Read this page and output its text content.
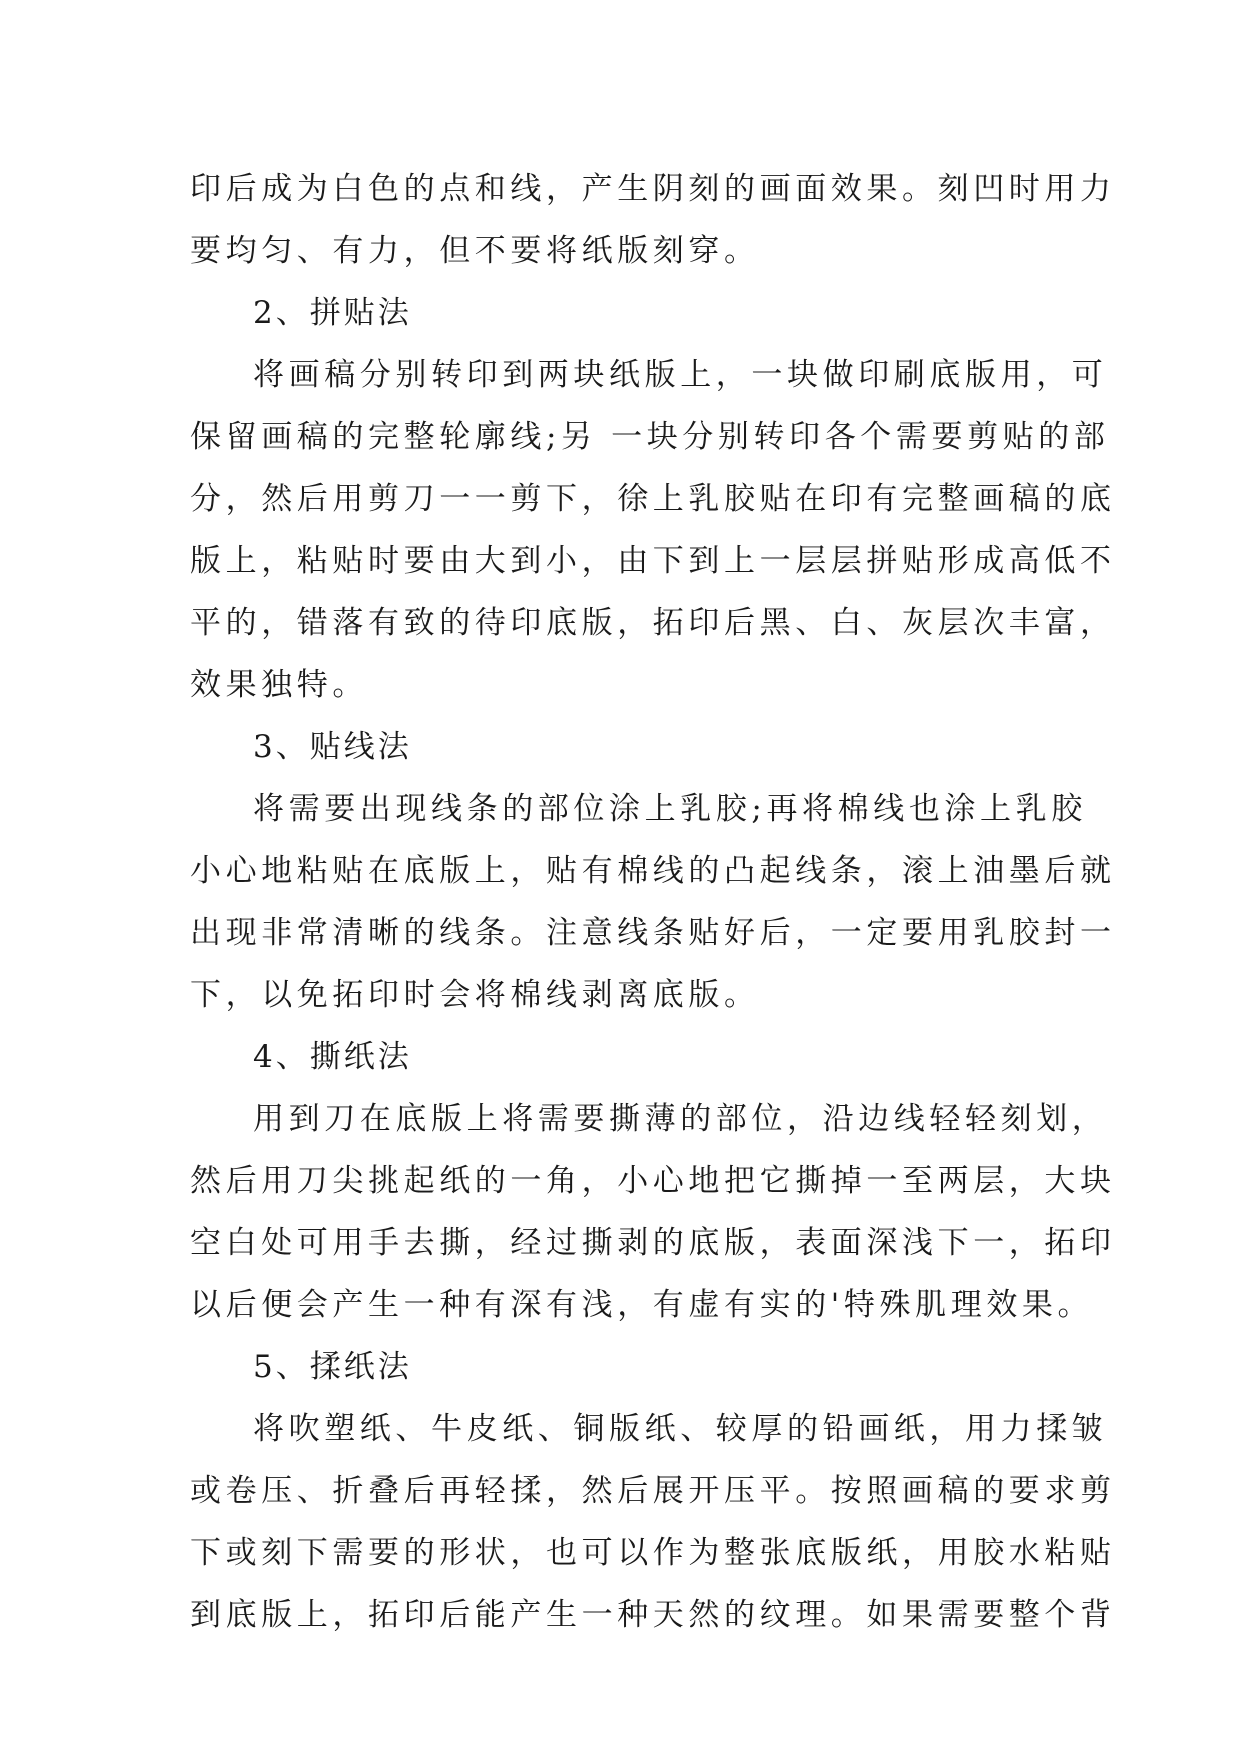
印后成为白色的点和线，产生阴刻的画面效果。刻凹时用力
要均匀、有力，但不要将纸版刻穿。
2、拼贴法
将画稿分别转印到两块纸版上，一块做印刷底版用，可
保留画稿的完整轮廓线;另 一块分别转印各个需要剪贴的部
分，然后用剪刀一一剪下，徐上乳胶贴在印有完整画稿的底
版上，粘贴时要由大到小，由下到上一层层拼贴形成高低不
平的，错落有致的待印底版，拓印后黑、白、灰层次丰富，
效果独特。
3、贴线法
将需要出现线条的部位涂上乳胶;再将棉线也涂上乳胶
小心地粘贴在底版上，贴有棉线的凸起线条，滚上油墨后就
出现非常清晰的线条。注意线条贴好后，一定要用乳胶封一
下，以免拓印时会将棉线剥离底版。
4、撕纸法
用到刀在底版上将需要撕薄的部位，沿边线轻轻刻划，
然后用刀尖挑起纸的一角，小心地把它撕掉一至两层，大块
空白处可用手去撕，经过撕剥的底版，表面深浅下一，拓印
以后便会产生一种有深有浅，有虚有实的'特殊肌理效果。
5、揉纸法
将吹塑纸、牛皮纸、铜版纸、较厚的铅画纸，用力揉皱
或卷压、折叠后再轻揉，然后展开压平。按照画稿的要求剪
下或刻下需要的形状，也可以作为整张底版纸，用胶水粘贴
到底版上，拓印后能产生一种天然的纹理。如果需要整个背
